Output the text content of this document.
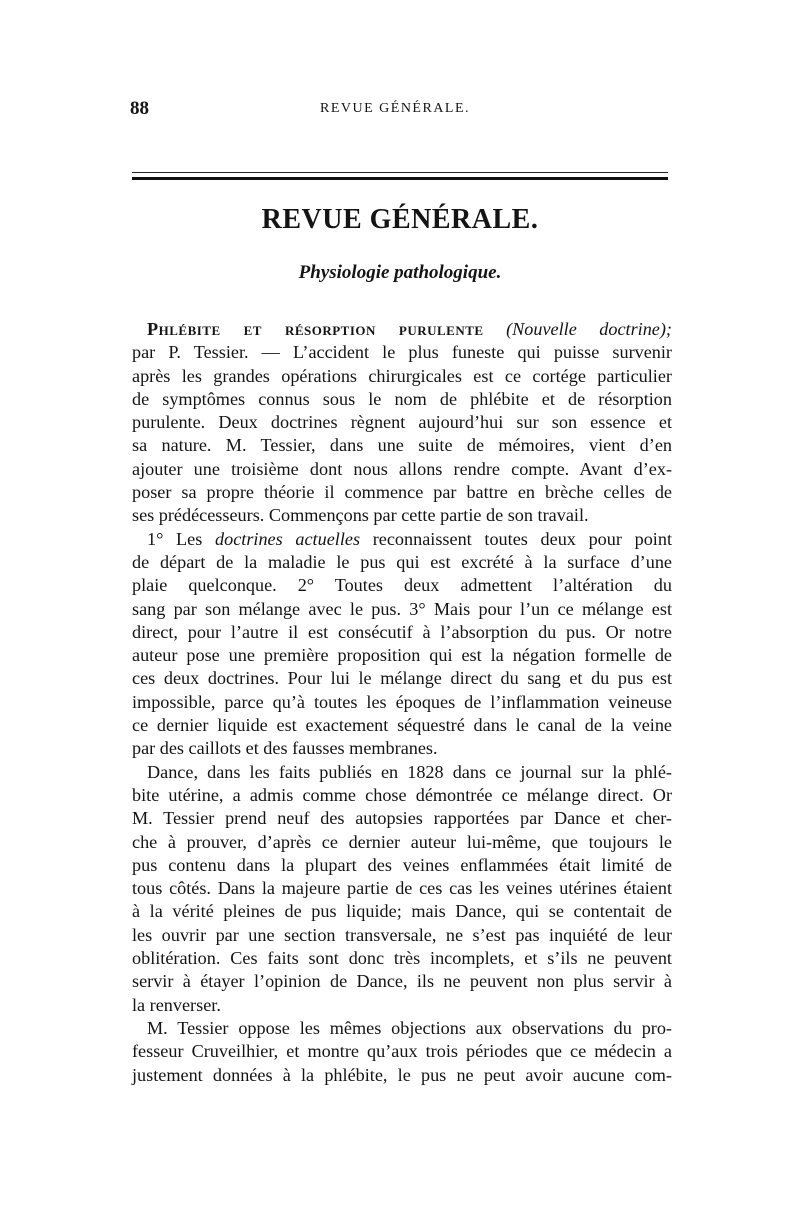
88	REVUE GÉNÉRALE.
REVUE GÉNÉRALE.
Physiologie pathologique.
Phlébite et résorption purulente (Nouvelle doctrine);
par P. Tessier. — L’accident le plus funeste qui puisse survenir
après les grandes opérations chirurgicales est ce cortége particulier
de symptômes connus sous le nom de phlébite et de résorption
purulente. Deux doctrines règnent aujourd’hui sur son essence et
sa nature. M. Tessier, dans une suite de mémoires, vient d’en
ajouter une troisième dont nous allons rendre compte. Avant d’ex-
poser sa propre théorie il commence par battre en brèche celles de
ses prédécesseurs. Commençons par cette partie de son travail.
1° Les doctrines actuelles reconnaissent toutes deux pour point
de départ de la maladie le pus qui est excrété à la surface d’une
plaie quelconque. 2° Toutes deux admettent l’altération du
sang par son mélange avec le pus. 3° Mais pour l’un ce mélange est
direct, pour l’autre il est consécutif à l’absorption du pus. Or notre
auteur pose une première proposition qui est la négation formelle de
ces deux doctrines. Pour lui le mélange direct du sang et du pus est
impossible, parce qu’à toutes les époques de l’inflammation veineuse
ce dernier liquide est exactement séquestré dans le canal de la veine
par des caillots et des fausses membranes.
Dance, dans les faits publiés en 1828 dans ce journal sur la phlé-
bite utérine, a admis comme chose démontrée ce mélange direct. Or
M. Tessier prend neuf des autopsies rapportées par Dance et cher-
che à prouver, d’après ce dernier auteur lui-même, que toujours le
pus contenu dans la plupart des veines enflammées était limité de
tous côtés. Dans la majeure partie de ces cas les veines utérines étaient
à la vérité pleines de pus liquide; mais Dance, qui se contentait de
les ouvrir par une section transversale, ne s’est pas inquiété de leur
oblitération. Ces faits sont donc très incomplets, et s’ils ne peuvent
servir à étayer l’opinion de Dance, ils ne peuvent non plus servir à
la renverser.
M. Tessier oppose les mêmes objections aux observations du pro-
fesseur Cruveilhier, et montre qu’aux trois périodes que ce médecin a
justement données à la phlébite, le pus ne peut avoir aucune com-
